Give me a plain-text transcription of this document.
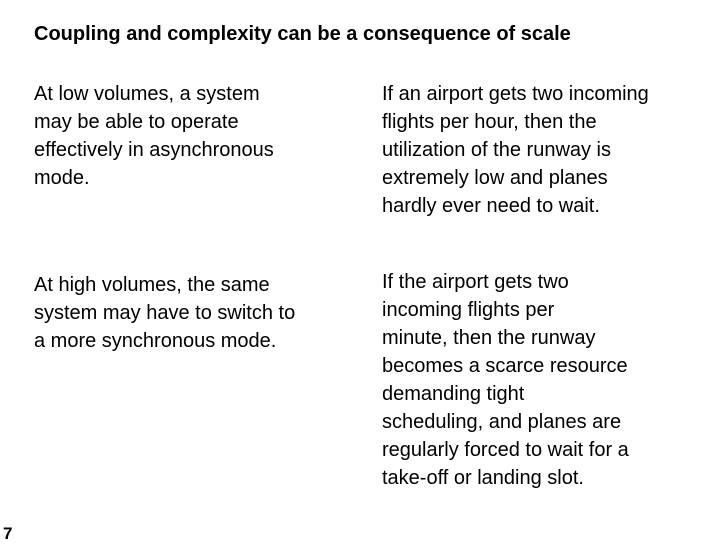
Coupling and complexity can be a consequence of scale
At low volumes, a system
may be able to operate
effectively in asynchronous
mode.
If an airport gets two incoming
flights per hour, then the
utilization of the runway is
extremely low and planes
hardly ever need to wait.
At high volumes, the same
system may have to switch to
a more synchronous mode.
If the airport gets two
incoming flights per
minute, then the runway
becomes a scarce resource
demanding tight
scheduling, and planes are
regularly forced to wait for a
take-off or landing slot.
7
